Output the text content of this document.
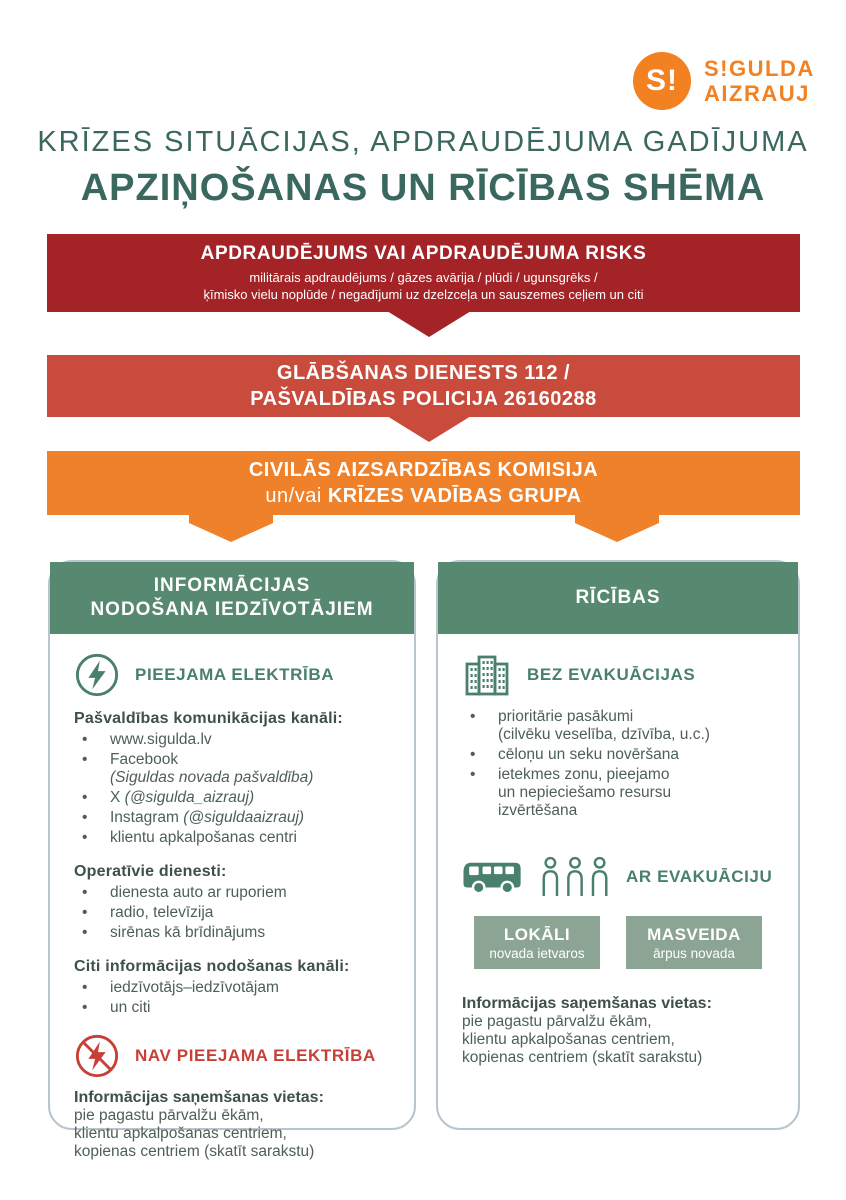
S! S!GULDA
AIZRAUJ
KRĪZES SITUĀCIJAS, APDRAUDĒJUMA GADĪJUMA
APZIŅOŠANAS UN RĪCĪBAS SHĒMA
APDRAUDĒJUMS VAI APDRAUDĒJUMA RISKS
militārais apdraudējums / gāzes avārija / plūdi / ugunsgrēks /
ķīmisko vielu noplūde / negadījumi uz dzelzceļa un sauszemes ceļiem un citi
GLĀBŠANAS DIENESTS 112 /
PAŠVALDĪBAS POLICIJA 26160288
CIVILĀS AIZSARDZĪBAS KOMISIJA
un/vai KRĪZES VADĪBAS GRUPA
INFORMĀCIJAS
NODOŠANA IEDZĪVOTĀJIEM
PIEEJAMA ELEKTRĪBA
Pašvaldības komunikācijas kanāli:
• www.sigulda.lv
• Facebook
(Siguldas novada pašvaldība)
• X (@sigulda_aizrauj)
• Instagram (@siguldaaizrauj)
• klientu apkalpošanas centri
Operatīvie dienesti:
• dienesta auto ar ruporiem
• radio, televīzija
• sirēnas kā brīdinājums
Citi informācijas nodošanas kanāli:
• iedzīvotājs–iedzīvotājam
• un citi
NAV PIEEJAMA ELEKTRĪBA
Informācijas saņemšanas vietas:
pie pagastu pārvalžu ēkām,
klientu apkalpošanas centriem,
kopienas centriem (skatīt sarakstu)
RĪCĪBAS
BEZ EVAKUĀCIJAS
• prioritārie pasākumi
(cilvēku veselība, dzīvība, u.c.)
• cēloņu un seku novēršana
• ietekmes zonu, pieejamo
un nepieciešamo resursu
izvērtēšana
AR EVAKUĀCIJU
LOKĀLI
novada ietvaros
MASVEIDA
ārpus novada
Informācijas saņemšanas vietas:
pie pagastu pārvalžu ēkām,
klientu apkalpošanas centriem,
kopienas centriem (skatīt sarakstu)
